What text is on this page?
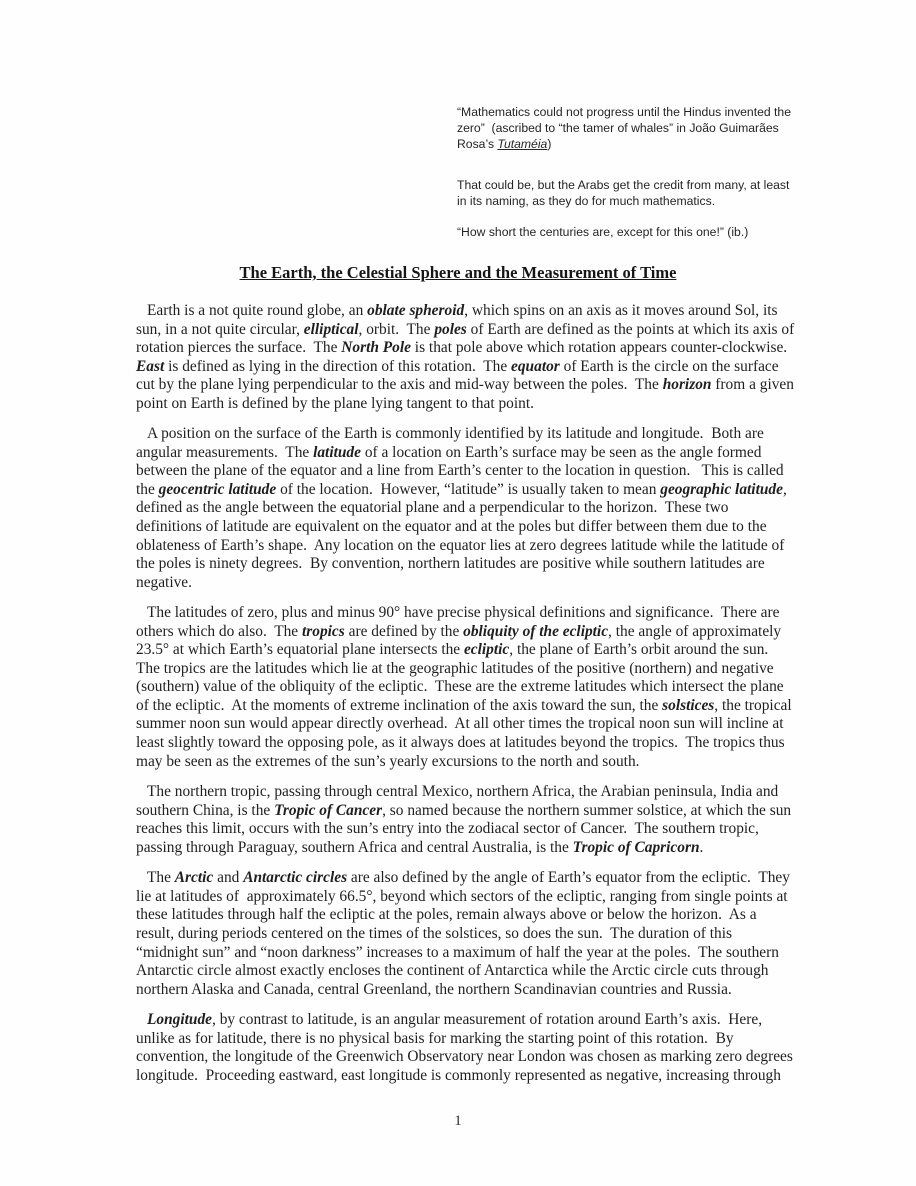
“Mathematics could not progress until the Hindus invented the zero”  (ascribed to “the tamer of whales” in João Guimarães Rosa’s Tutaméia)

That could be, but the Arabs get the credit from many, at least in its naming, as they do for much mathematics.

“How short the centuries are, except for this one!” (ib.)

The Earth, the Celestial Sphere and the Measurement of Time

Earth is a not quite round globe, an oblate spheroid, which spins on an axis as it moves around Sol, its sun, in a not quite circular, elliptical, orbit.  The poles of Earth are defined as the points at which its axis of rotation pierces the surface.  The North Pole is that pole above which rotation appears counter-clockwise.  East is defined as lying in the direction of this rotation.  The equator of Earth is the circle on the surface cut by the plane lying perpendicular to the axis and mid-way between the poles.  The horizon from a given point on Earth is defined by the plane lying tangent to that point.

A position on the surface of the Earth is commonly identified by its latitude and longitude.  Both are angular measurements.  The latitude of a location on Earth’s surface may be seen as the angle formed between the plane of the equator and a line from Earth’s center to the location in question.   This is called the geocentric latitude of the location.  However, “latitude” is usually taken to mean geographic latitude, defined as the angle between the equatorial plane and a perpendicular to the horizon.  These two definitions of latitude are equivalent on the equator and at the poles but differ between them due to the oblateness of Earth’s shape.  Any location on the equator lies at zero degrees latitude while the latitude of the poles is ninety degrees.  By convention, northern latitudes are positive while southern latitudes are negative.

The latitudes of zero, plus and minus 90° have precise physical definitions and significance.  There are others which do also.  The tropics are defined by the obliquity of the ecliptic, the angle of approximately 23.5° at which Earth’s equatorial plane intersects the ecliptic, the plane of Earth’s orbit around the sun.  The tropics are the latitudes which lie at the geographic latitudes of the positive (northern) and negative (southern) value of the obliquity of the ecliptic.  These are the extreme latitudes which intersect the plane of the ecliptic.  At the moments of extreme inclination of the axis toward the sun, the solstices, the tropical summer noon sun would appear directly overhead.  At all other times the tropical noon sun will incline at least slightly toward the opposing pole, as it always does at latitudes beyond the tropics.  The tropics thus may be seen as the extremes of the sun’s yearly excursions to the north and south.

The northern tropic, passing through central Mexico, northern Africa, the Arabian peninsula, India and southern China, is the Tropic of Cancer, so named because the northern summer solstice, at which the sun reaches this limit, occurs with the sun’s entry into the zodiacal sector of Cancer.  The southern tropic, passing through Paraguay, southern Africa and central Australia, is the Tropic of Capricorn.

The Arctic and Antarctic circles are also defined by the angle of Earth’s equator from the ecliptic.  They lie at latitudes of  approximately 66.5°, beyond which sectors of the ecliptic, ranging from single points at these latitudes through half the ecliptic at the poles, remain always above or below the horizon.  As a result, during periods centered on the times of the solstices, so does the sun.  The duration of this “midnight sun” and “noon darkness” increases to a maximum of half the year at the poles.  The southern Antarctic circle almost exactly encloses the continent of Antarctica while the Arctic circle cuts through northern Alaska and Canada, central Greenland, the northern Scandinavian countries and Russia.

Longitude, by contrast to latitude, is an angular measurement of rotation around Earth’s axis.  Here, unlike as for latitude, there is no physical basis for marking the starting point of this rotation.  By convention, the longitude of the Greenwich Observatory near London was chosen as marking zero degrees longitude.  Proceeding eastward, east longitude is commonly represented as negative, increasing through

1
